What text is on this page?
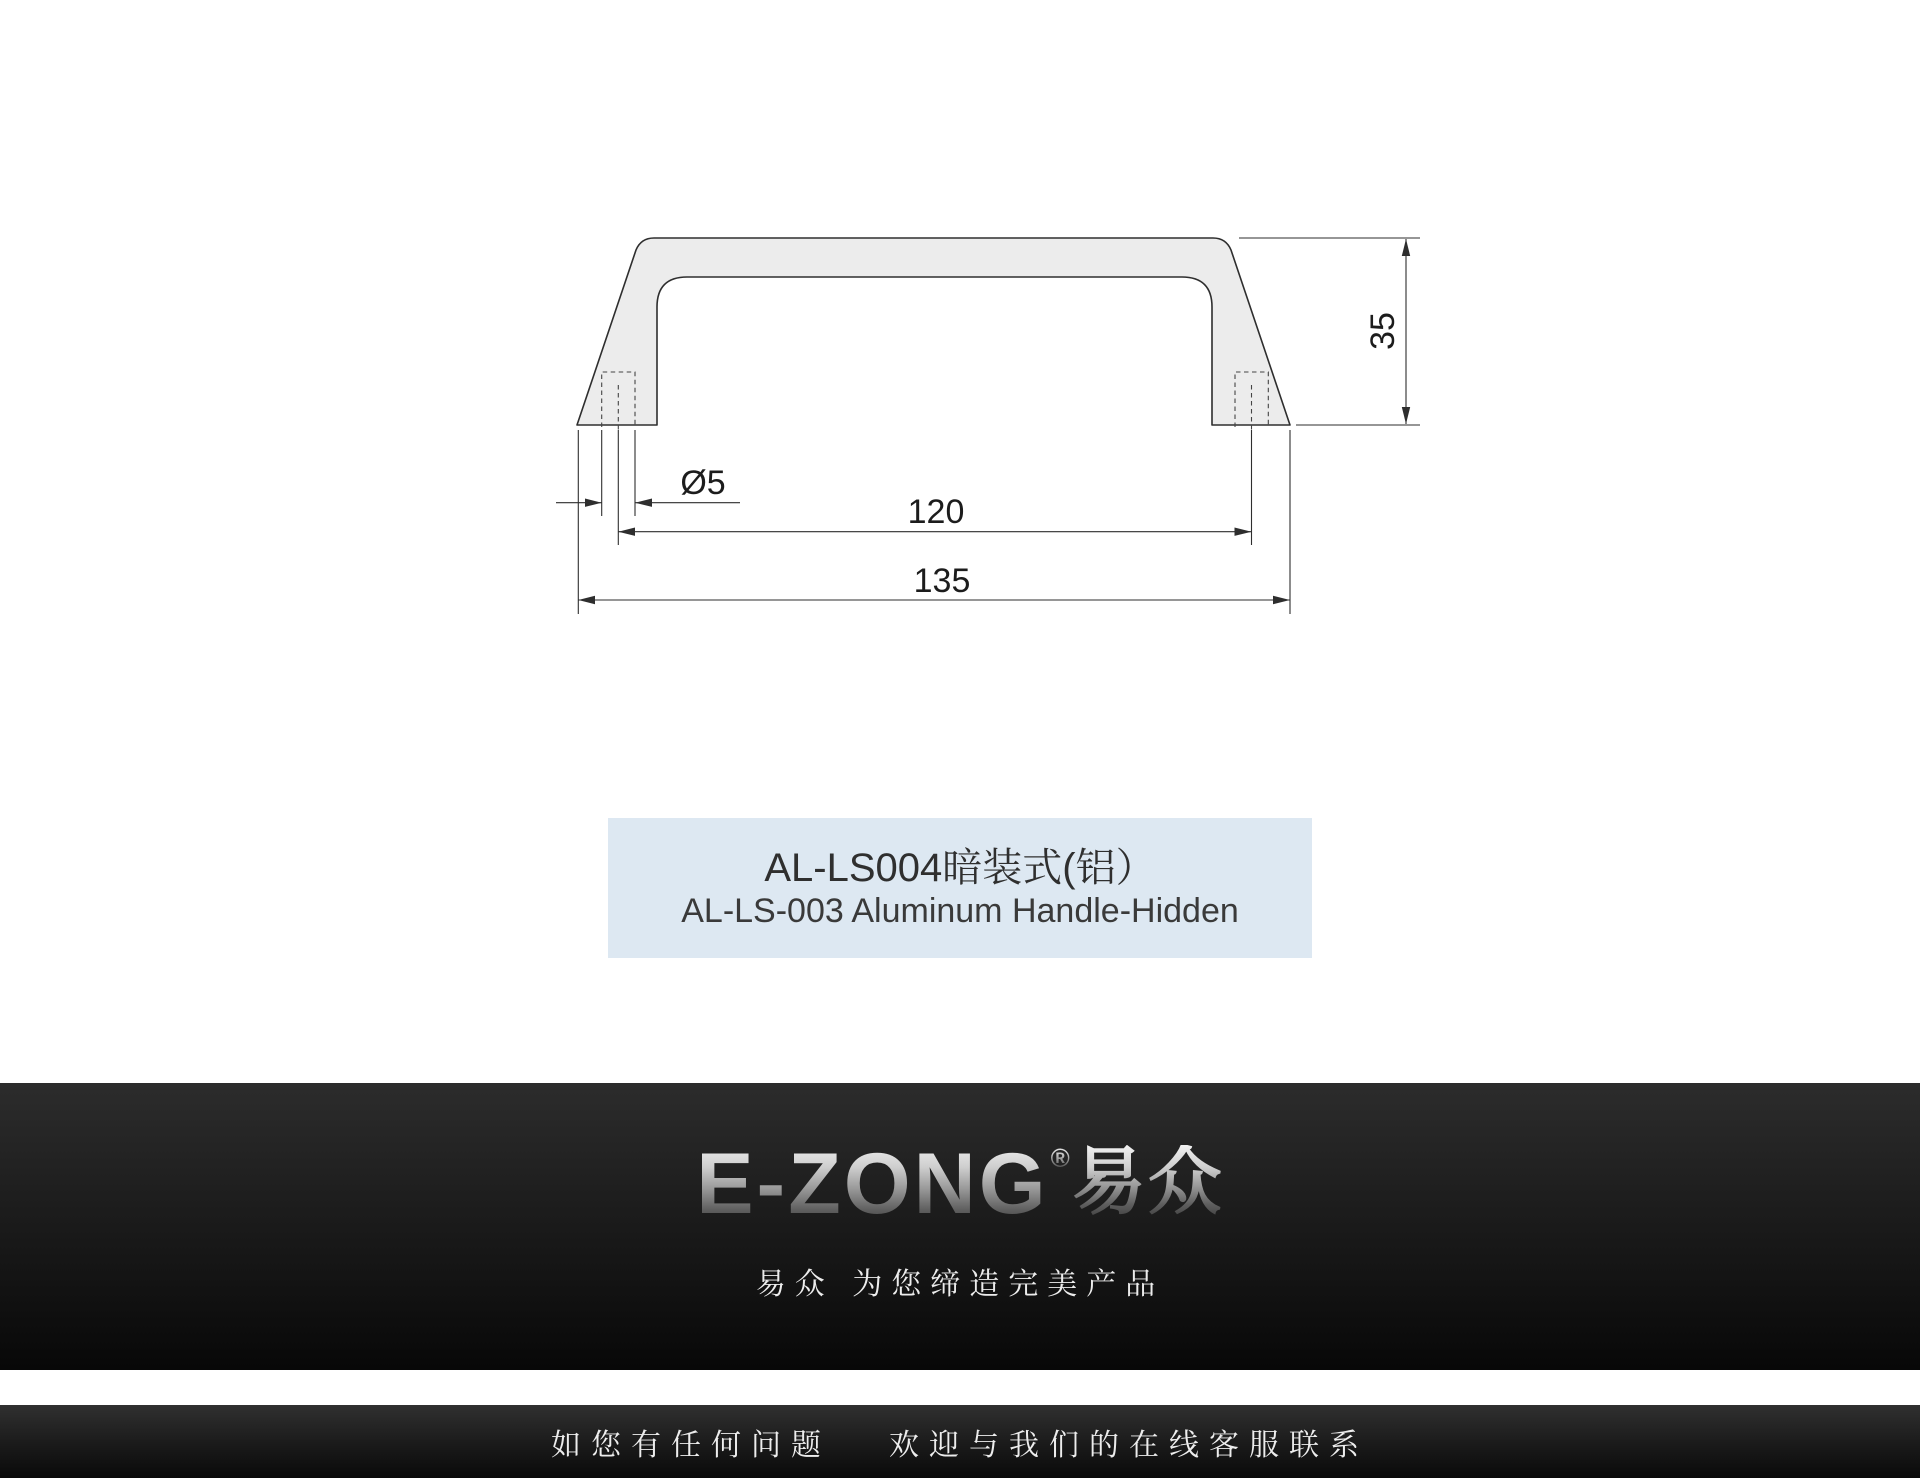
Ø5
120
135
35
AL-LS004暗装式(铝）
AL-LS-003 Aluminum Handle-Hidden
E-ZONG ® 易众
易众 为您缔造完美产品
如您有任何问题 欢迎与我们的在线客服联系
